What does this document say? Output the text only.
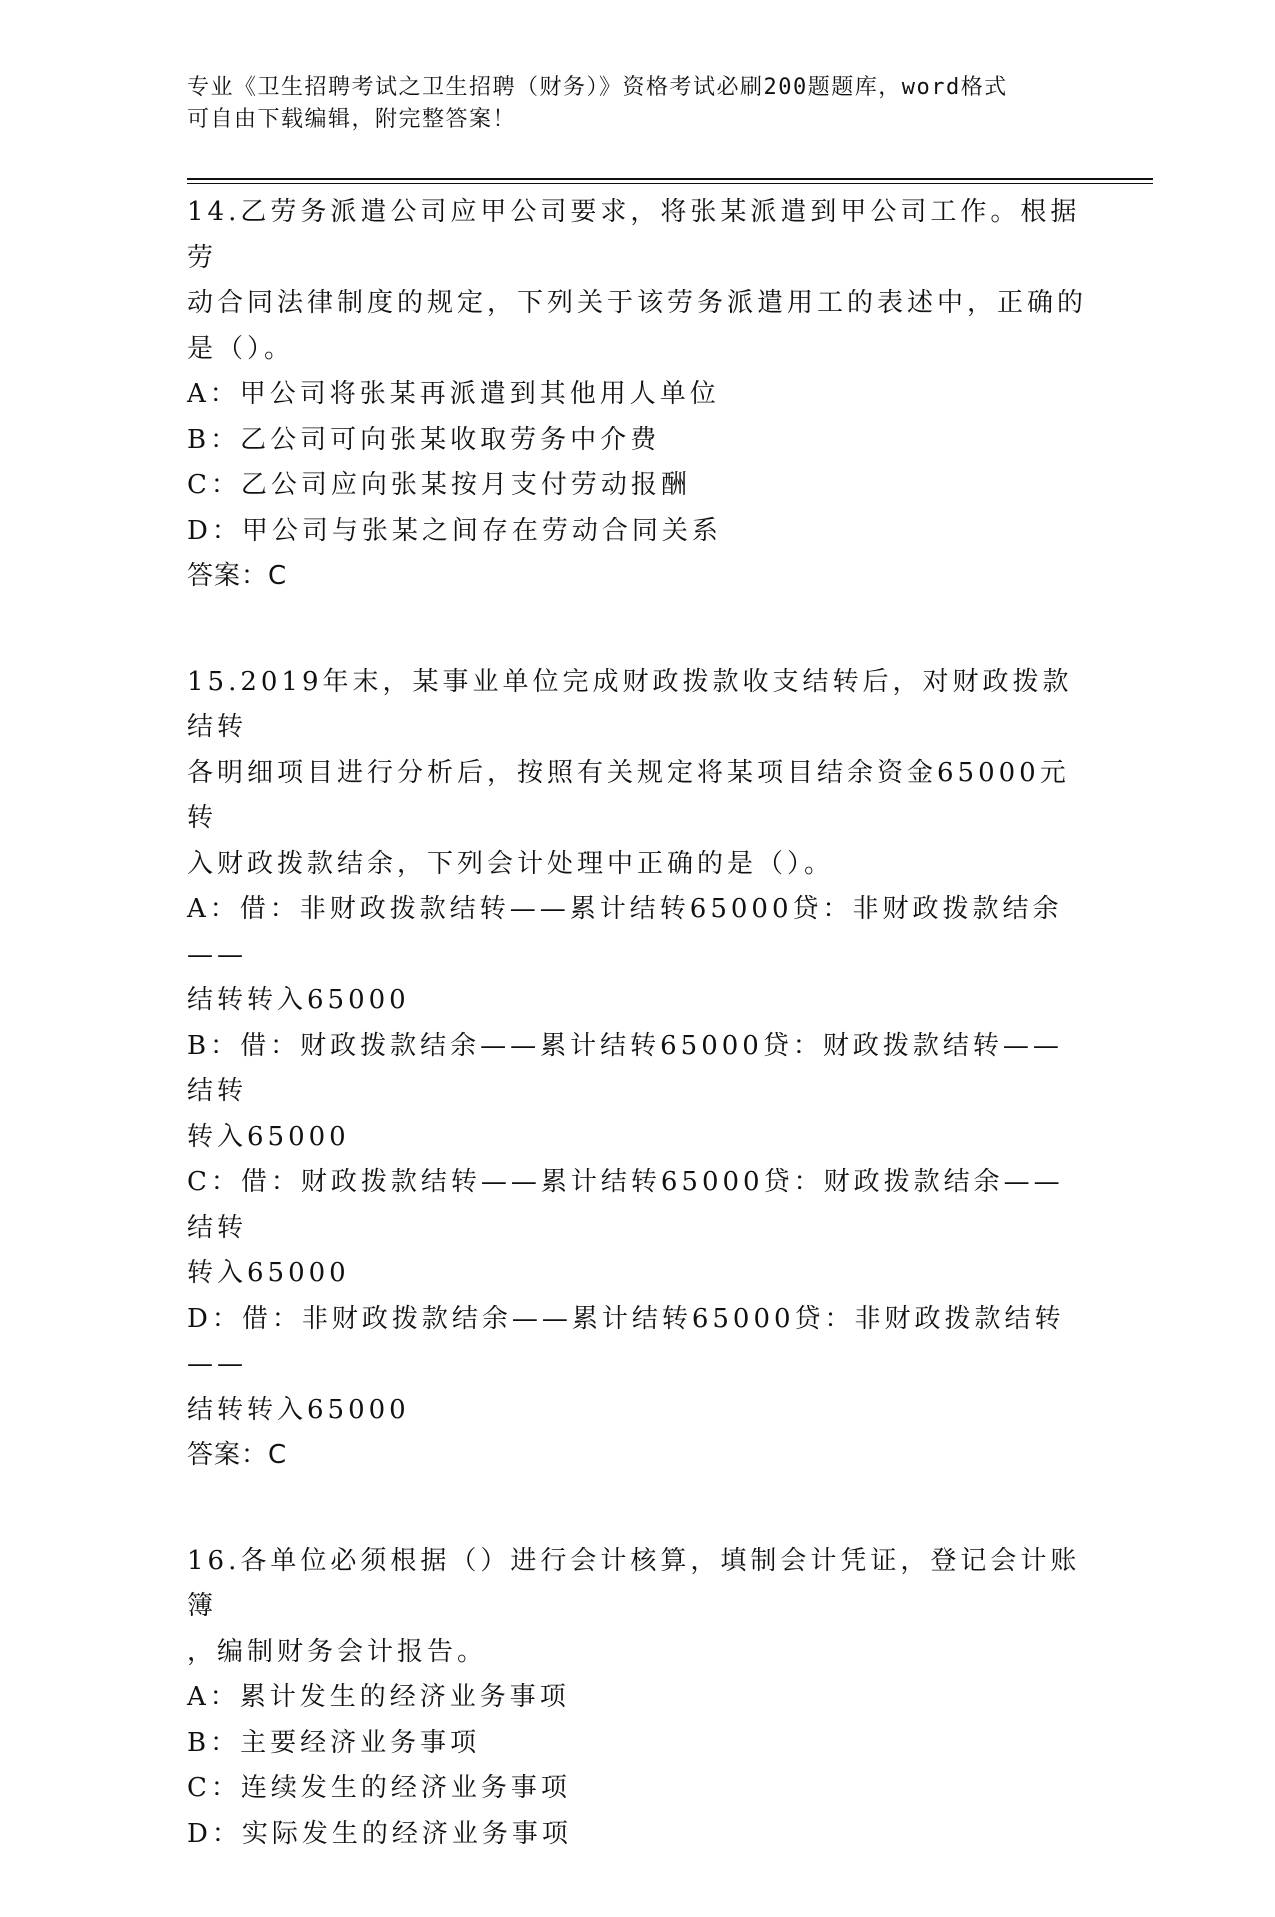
专业《卫生招聘考试之卫生招聘（财务）》资格考试必刷200题题库，word格式
可自由下载编辑，附完整答案！
14.乙劳务派遣公司应甲公司要求，将张某派遣到甲公司工作。根据劳
动合同法律制度的规定，下列关于该劳务派遣用工的表述中，正确的
是（）。
A：甲公司将张某再派遣到其他用人单位
B：乙公司可向张某收取劳务中介费
C：乙公司应向张某按月支付劳动报酬
D：甲公司与张某之间存在劳动合同关系
答案：C
15.2019年末，某事业单位完成财政拨款收支结转后，对财政拨款结转
各明细项目进行分析后，按照有关规定将某项目结余资金65000元转
入财政拨款结余，下列会计处理中正确的是（）。
A：借：非财政拨款结转——累计结转65000贷：非财政拨款结余——
结转转入65000
B：借：财政拨款结余——累计结转65000贷：财政拨款结转——结转
转入65000
C：借：财政拨款结转——累计结转65000贷：财政拨款结余——结转
转入65000
D：借：非财政拨款结余——累计结转65000贷：非财政拨款结转——
结转转入65000
答案：C
16.各单位必须根据（）进行会计核算，填制会计凭证，登记会计账簿
，编制财务会计报告。
A：累计发生的经济业务事项
B：主要经济业务事项
C：连续发生的经济业务事项
D：实际发生的经济业务事项
